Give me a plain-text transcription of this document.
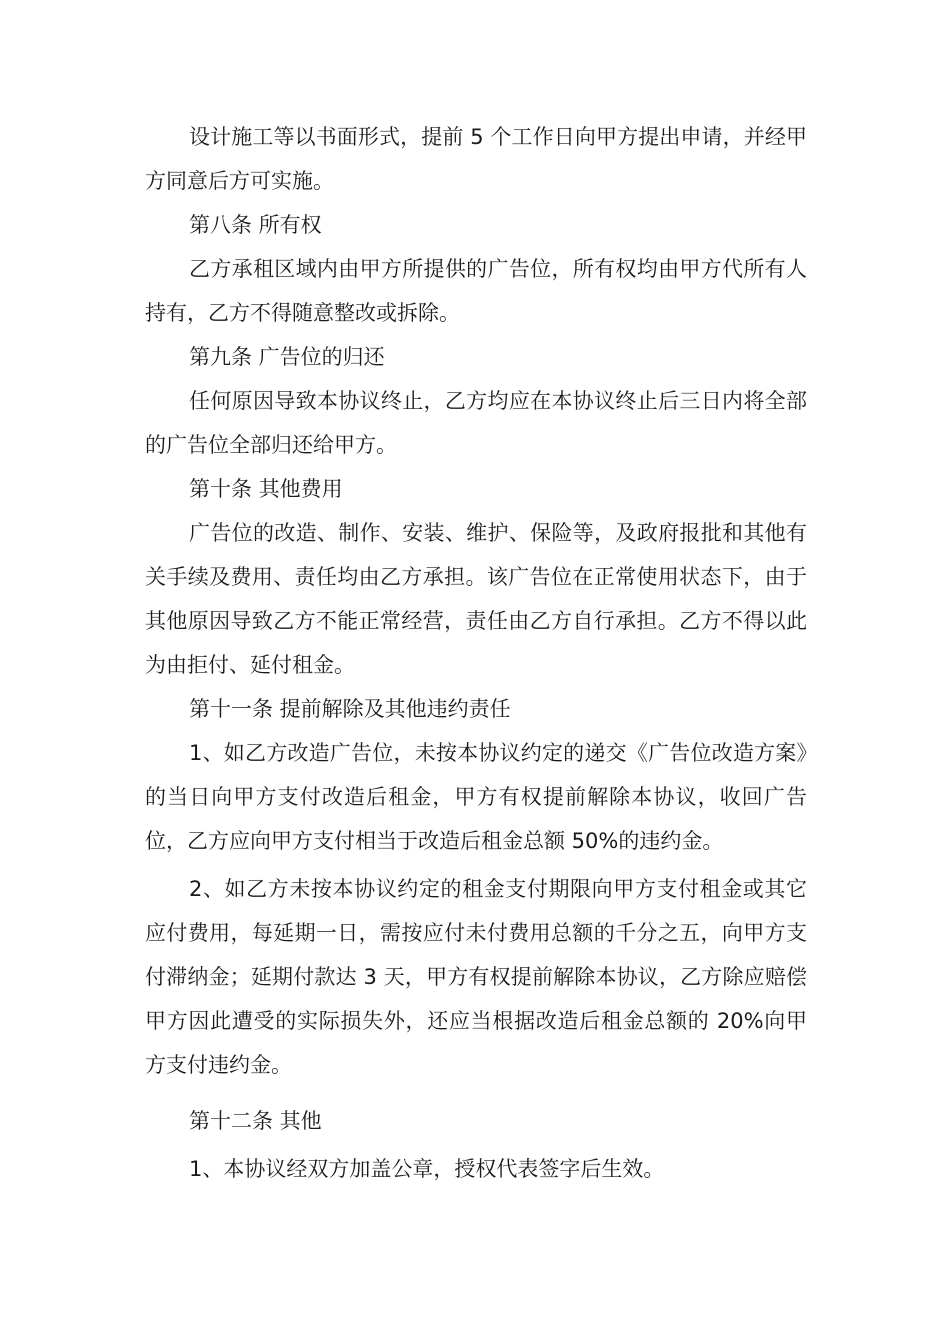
设计施工等以书面形式，提前 5 个工作日向甲方提出申请，并经甲方同意后方可实施。

第八条 所有权

乙方承租区域内由甲方所提供的广告位，所有权均由甲方代所有人持有，乙方不得随意整改或拆除。

第九条 广告位的归还

任何原因导致本协议终止，乙方均应在本协议终止后三日内将全部的广告位全部归还给甲方。

第十条 其他费用

广告位的改造、制作、安装、维护、保险等，及政府报批和其他有关手续及费用、责任均由乙方承担。该广告位在正常使用状态下，由于其他原因导致乙方不能正常经营，责任由乙方自行承担。乙方不得以此为由拒付、延付租金。

第十一条 提前解除及其他违约责任

1、如乙方改造广告位，未按本协议约定的递交《广告位改造方案》的当日向甲方支付改造后租金，甲方有权提前解除本协议，收回广告位，乙方应向甲方支付相当于改造后租金总额 50%的违约金。

2、如乙方未按本协议约定的租金支付期限向甲方支付租金或其它应付费用，每延期一日，需按应付未付费用总额的千分之五，向甲方支付滞纳金；延期付款达 3 天，甲方有权提前解除本协议，乙方除应赔偿甲方因此遭受的实际损失外，还应当根据改造后租金总额的 20%向甲方支付违约金。

第十二条 其他

1、本协议经双方加盖公章，授权代表签字后生效。
